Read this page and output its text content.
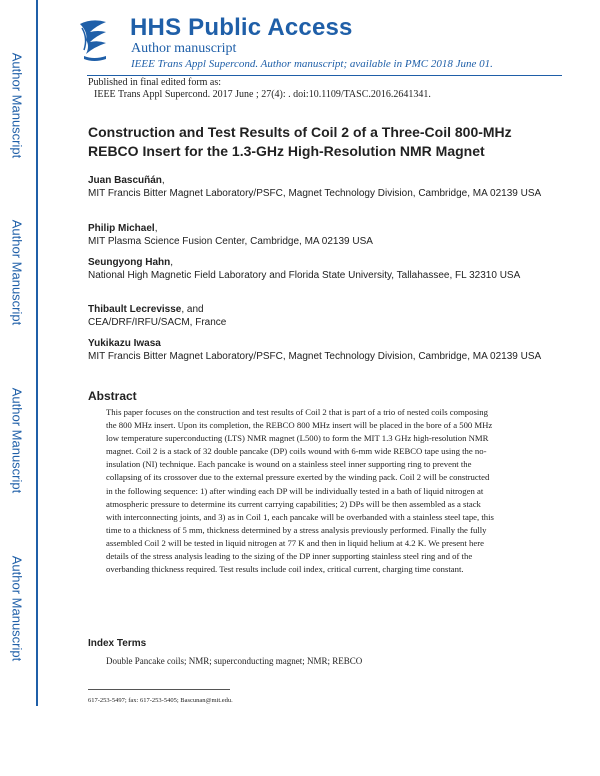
Author Manuscript
Author Manuscript
Author Manuscript
Author Manuscript
HHS Public Access
Author manuscript
IEEE Trans Appl Supercond. Author manuscript; available in PMC 2018 June 01.
Published in final edited form as:
IEEE Trans Appl Supercond. 2017 June ; 27(4): . doi:10.1109/TASC.2016.2641341.
Construction and Test Results of Coil 2 of a Three-Coil 800-MHz REBCO Insert for the 1.3-GHz High-Resolution NMR Magnet
Juan Bascuñán,
MIT Francis Bitter Magnet Laboratory/PSFC, Magnet Technology Division, Cambridge, MA 02139 USA
Philip Michael,
MIT Plasma Science Fusion Center, Cambridge, MA 02139 USA
Seungyong Hahn,
National High Magnetic Field Laboratory and Florida State University, Tallahassee, FL 32310 USA
Thibault Lecrevisse, and
CEA/DRF/IRFU/SACM, France
Yukikazu Iwasa
MIT Francis Bitter Magnet Laboratory/PSFC, Magnet Technology Division, Cambridge, MA 02139 USA
Abstract

This paper focuses on the construction and test results of Coil 2 that is part of a trio of nested coils composing the 800 MHz insert. Upon its completion, the REBCO 800 MHz insert will be placed in the bore of a 500 MHz low temperature superconducting (LTS) NMR magnet (L500) to form the MIT 1.3 GHz high-resolution NMR magnet. Coil 2 is a stack of 32 double pancake (DP) coils wound with 6-mm wide REBCO tape using the no-insulation (NI) technique. Each pancake is wound on a stainless steel inner supporting ring to prevent the collapsing of its crossover due to the external pressure exerted by the winding pack. Coil 2 will be constructed in the following sequence: 1) after winding each DP will be individually tested in a bath of liquid nitrogen at atmospheric pressure to determine its current carrying capabilities; 2) DPs will be then assembled as a stack with interconnecting joints, and 3) as in Coil 1, each pancake will be overbanded with a stainless steel tape, this time to a thickness of 5 mm, thickness determined by a stress analysis previously performed. Finally the fully assembled Coil 2 will be tested in liquid nitrogen at 77 K and then in liquid helium at 4.2 K. We present here details of the stress analysis leading to the sizing of the DP inner supporting stainless steel ring and of the overbanding thickness required. Test results include coil index, critical current, charging time constant.

Index Terms
Double Pancake coils; NMR; superconducting magnet; NMR; REBCO
617-253-5497; fax: 617-253-5405; Bascunan@mit.edu.
